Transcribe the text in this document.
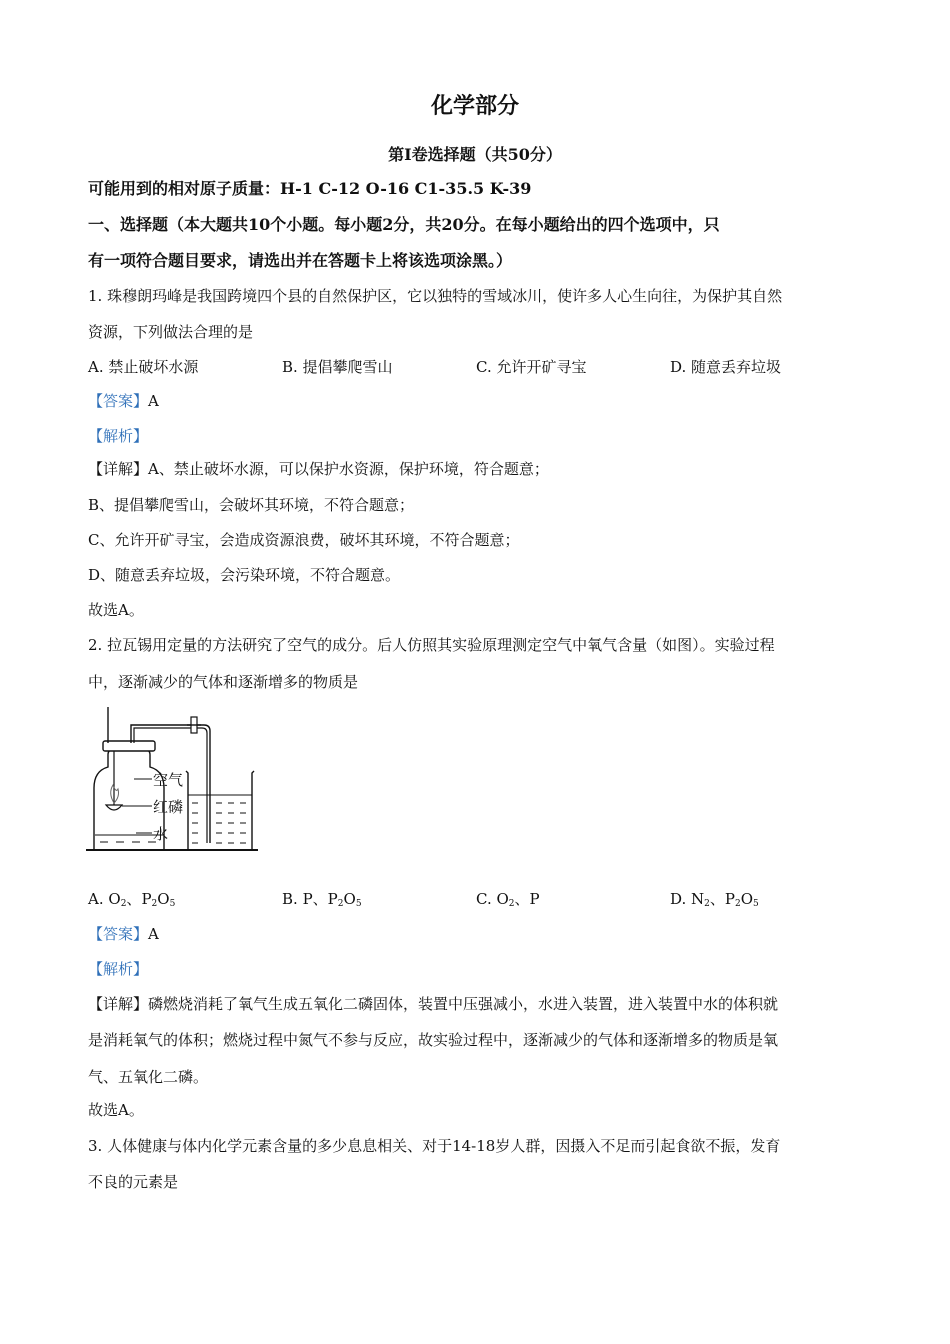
化学部分
第I卷选择题（共50分）
可能用到的相对原子质量：H-1 C-12 O-16 C1-35.5 K-39
一、选择题（本大题共10个小题。每小题2分，共20分。在每小题给出的四个选项中，只
有一项符合题目要求，请选出并在答题卡上将该选项涂黑。）
1. 珠穆朗玛峰是我国跨境四个县的自然保护区，它以独特的雪域冰川，使许多人心生向往，为保护其自然
资源，下列做法合理的是
A. 禁止破坏水源	B. 提倡攀爬雪山	C. 允许开矿寻宝	D. 随意丢弃垃圾
【答案】A
【解析】
【详解】A、禁止破坏水源，可以保护水资源，保护环境，符合题意；
B、提倡攀爬雪山，会破坏其环境，不符合题意；
C、允许开矿寻宝，会造成资源浪费，破坏其环境，不符合题意；
D、随意丢弃垃圾，会污染环境，不符合题意。
故选A。
2. 拉瓦锡用定量的方法研究了空气的成分。后人仿照其实验原理测定空气中氧气含量（如图）。实验过程
中，逐渐减少的气体和逐渐增多的物质是
空气
红磷
水
A. $O_2$、$P_2O_5$	B. P、$P_2O_5$	C. $O_2$、P	D. $N_2$、$P_2O_5$
【答案】A
【解析】
【详解】磷燃烧消耗了氧气生成五氧化二磷固体，装置中压强减小，水进入装置，进入装置中水的体积就
是消耗氧气的体积；燃烧过程中氮气不参与反应，故实验过程中，逐渐减少的气体和逐渐增多的物质是氧
气、五氧化二磷。
故选A。
3. 人体健康与体内化学元素含量的多少息息相关、对于14-18岁人群，因摄入不足而引起食欲不振，发育
不良的元素是
